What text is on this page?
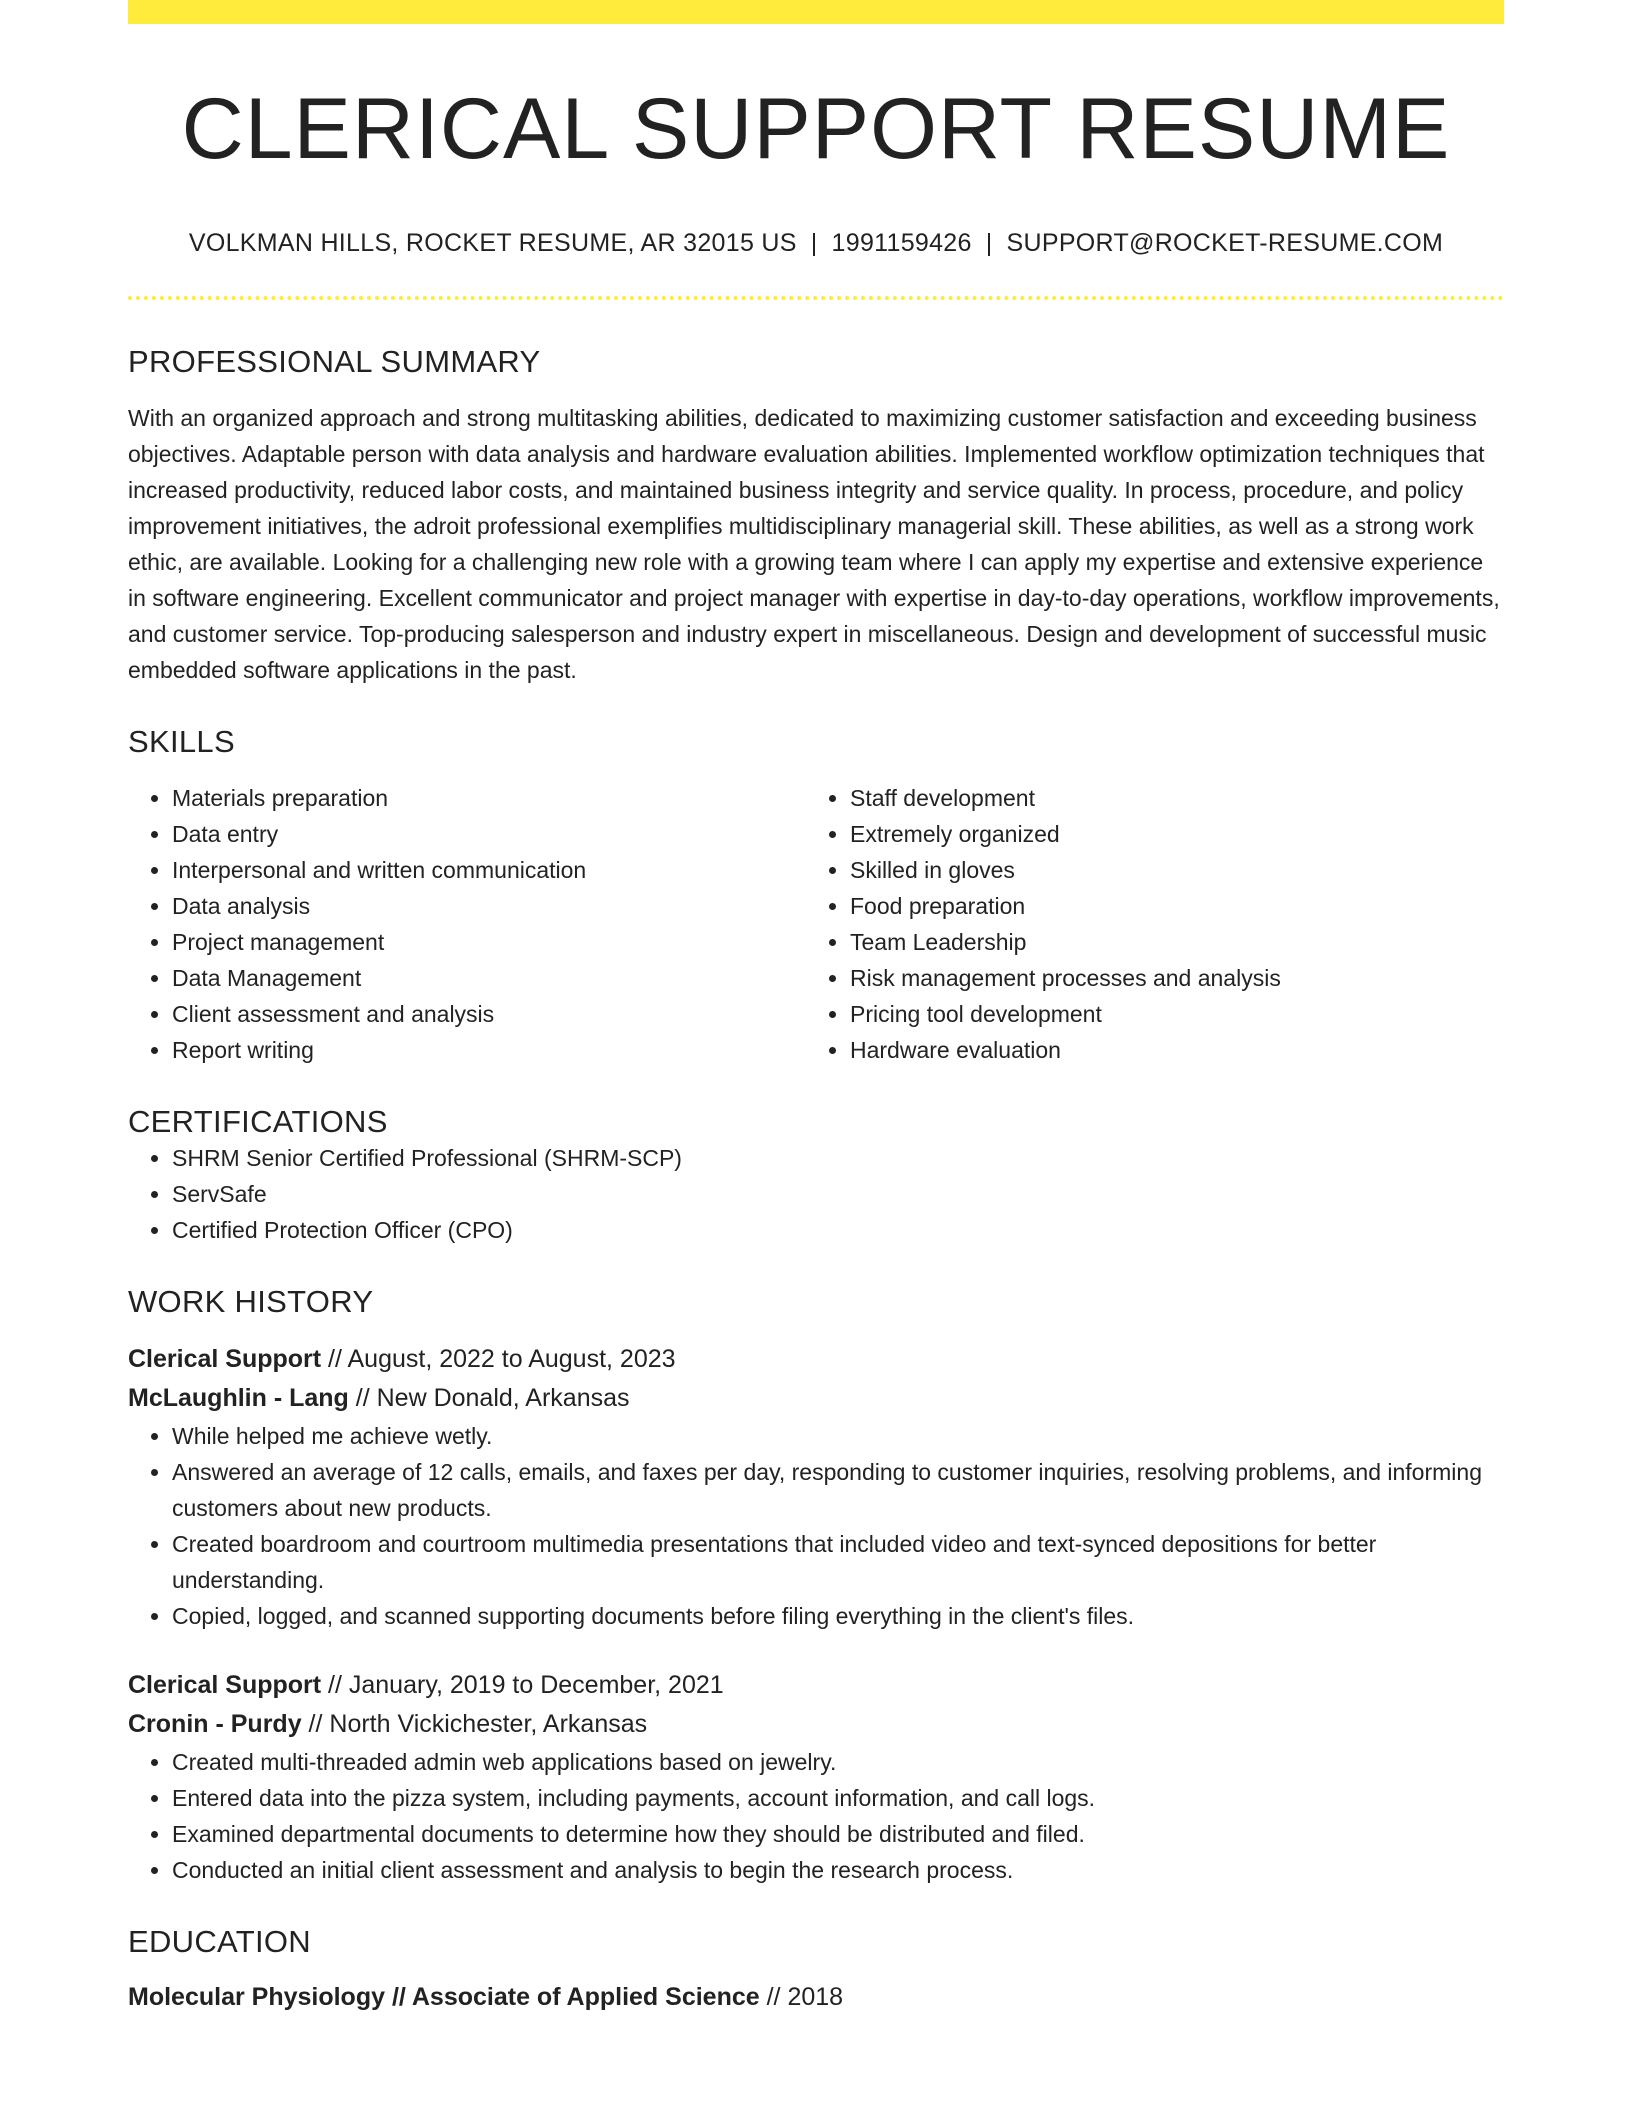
CLERICAL SUPPORT RESUME
VOLKMAN HILLS, ROCKET RESUME, AR 32015 US | 1991159426 | SUPPORT@ROCKET-RESUME.COM
PROFESSIONAL SUMMARY

With an organized approach and strong multitasking abilities, dedicated to maximizing customer satisfaction and exceeding business objectives. Adaptable person with data analysis and hardware evaluation abilities. Implemented workflow optimization techniques that increased productivity, reduced labor costs, and maintained business integrity and service quality. In process, procedure, and policy improvement initiatives, the adroit professional exemplifies multidisciplinary managerial skill. These abilities, as well as a strong work ethic, are available. Looking for a challenging new role with a growing team where I can apply my expertise and extensive experience in software engineering. Excellent communicator and project manager with expertise in day-to-day operations, workflow improvements, and customer service. Top-producing salesperson and industry expert in miscellaneous. Design and development of successful music embedded software applications in the past.

SKILLS
• Materials preparation
• Data entry
• Interpersonal and written communication
• Data analysis
• Project management
• Data Management
• Client assessment and analysis
• Report writing
• Staff development
• Extremely organized
• Skilled in gloves
• Food preparation
• Team Leadership
• Risk management processes and analysis
• Pricing tool development
• Hardware evaluation
CERTIFICATIONS
• SHRM Senior Certified Professional (SHRM-SCP)
• ServSafe
• Certified Protection Officer (CPO)
WORK HISTORY
Clerical Support // August, 2022 to August, 2023
McLaughlin - Lang // New Donald, Arkansas
• While helped me achieve wetly.
• Answered an average of 12 calls, emails, and faxes per day, responding to customer inquiries, resolving problems, and informing customers about new products.
• Created boardroom and courtroom multimedia presentations that included video and text-synced depositions for better understanding.
• Copied, logged, and scanned supporting documents before filing everything in the client's files.
Clerical Support // January, 2019 to December, 2021
Cronin - Purdy // North Vickichester, Arkansas
• Created multi-threaded admin web applications based on jewelry.
• Entered data into the pizza system, including payments, account information, and call logs.
• Examined departmental documents to determine how they should be distributed and filed.
• Conducted an initial client assessment and analysis to begin the research process.
EDUCATION
Molecular Physiology // Associate of Applied Science // 2018
